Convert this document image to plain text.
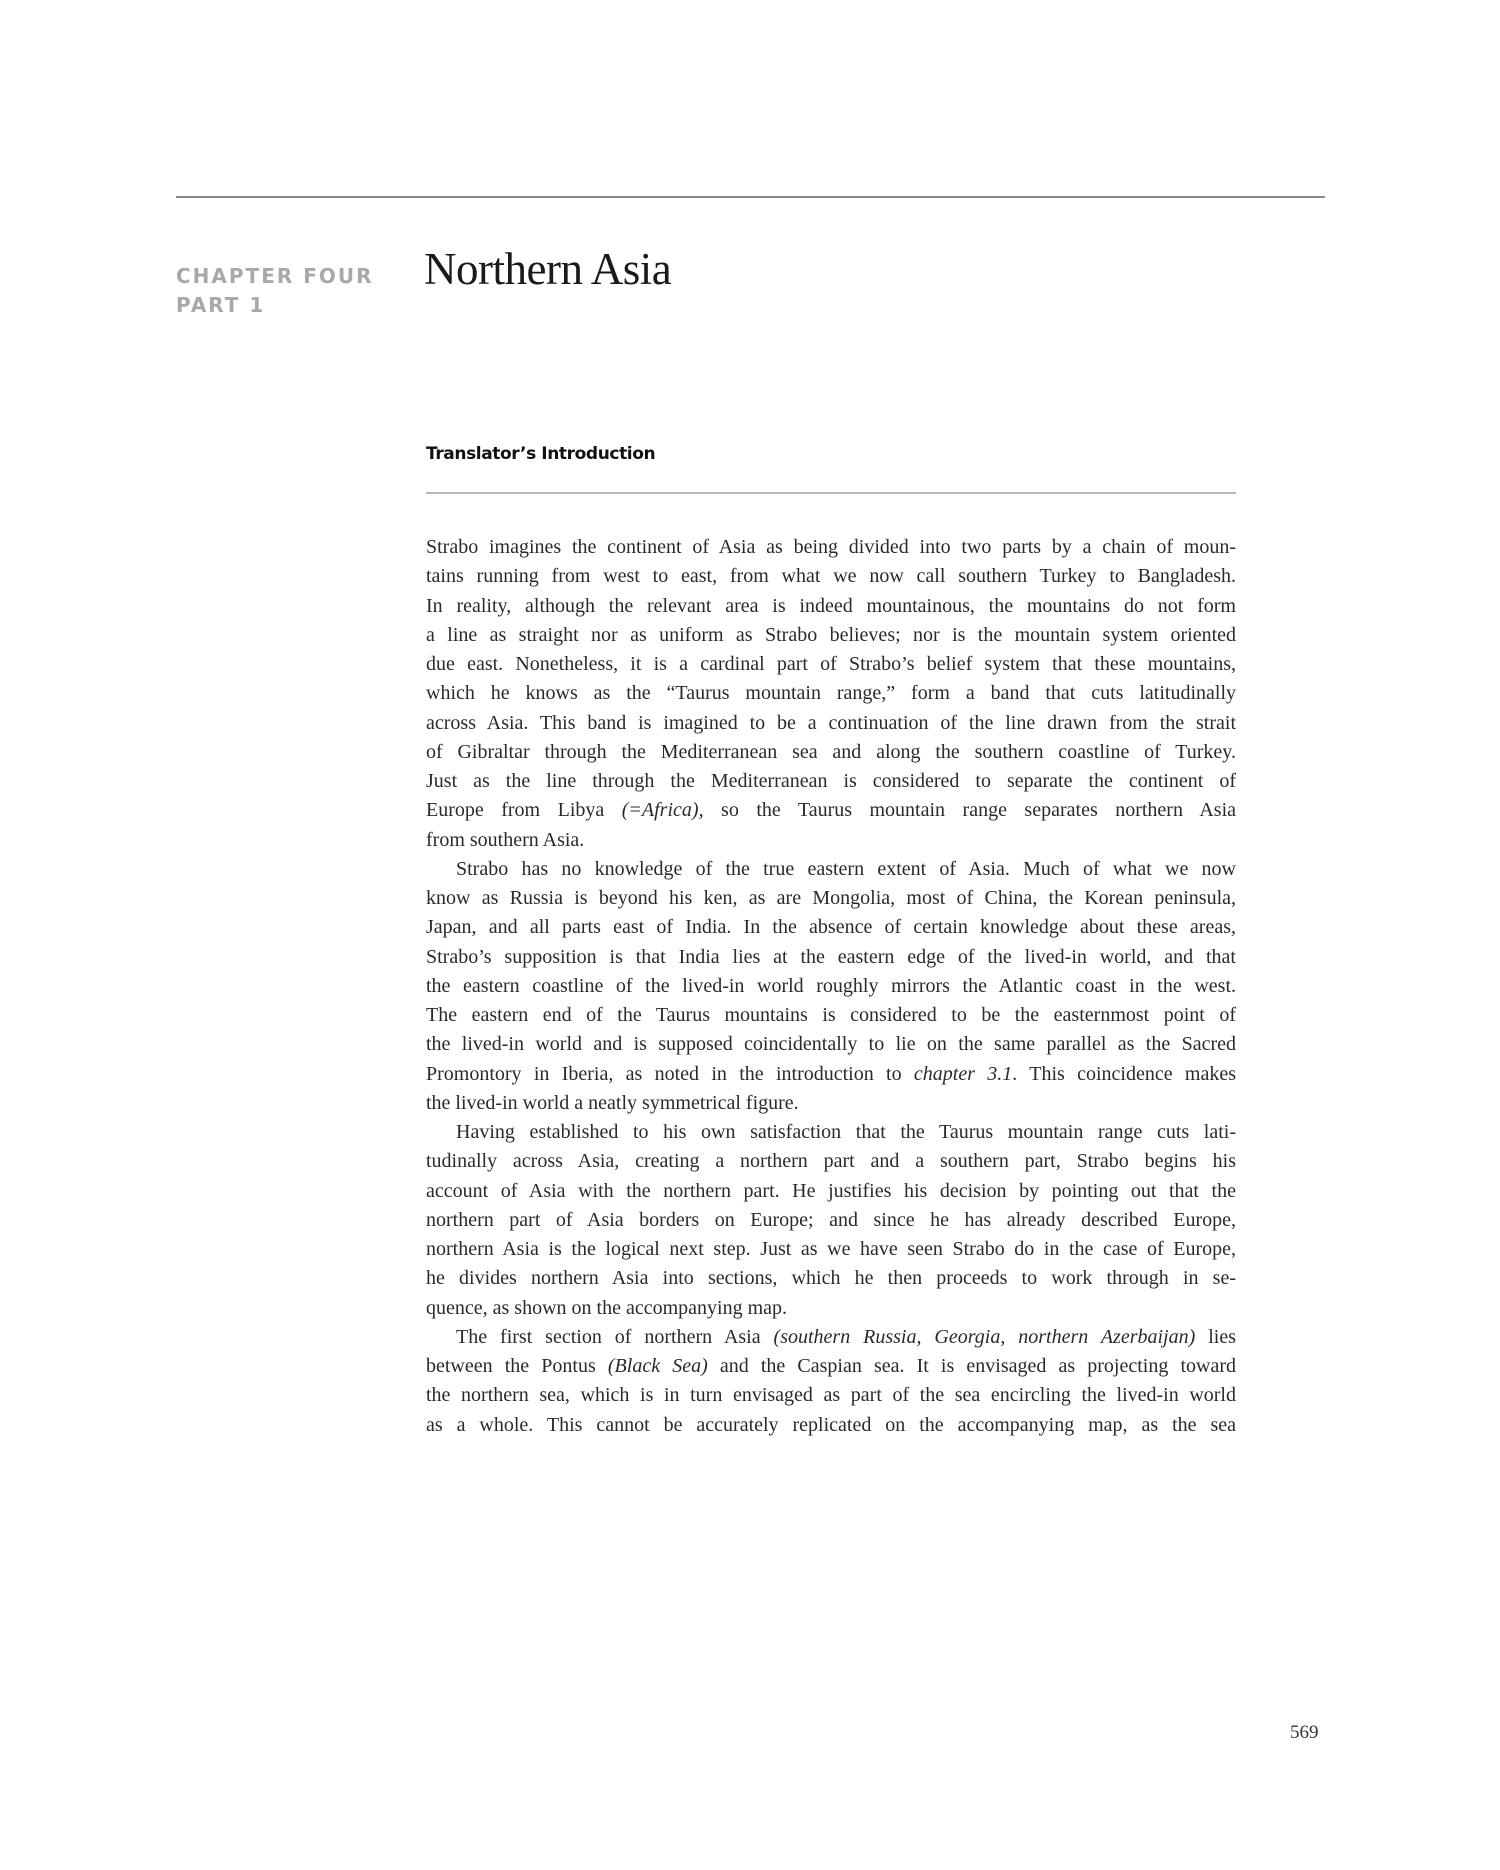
CHAPTER FOUR
PART 1
Northern Asia
Translator’s Introduction
Strabo imagines the continent of Asia as being divided into two parts by a chain of moun-
tains running from west to east, from what we now call southern Turkey to Bangladesh.
In reality, although the relevant area is indeed mountainous, the mountains do not form
a line as straight nor as uniform as Strabo believes; nor is the mountain system oriented
due east. Nonetheless, it is a cardinal part of Strabo’s belief system that these mountains,
which he knows as the “Taurus mountain range,” form a band that cuts latitudinally
across Asia. This band is imagined to be a continuation of the line drawn from the strait
of Gibraltar through the Mediterranean sea and along the southern coastline of Turkey.
Just as the line through the Mediterranean is considered to separate the continent of
Europe from Libya (=Africa), so the Taurus mountain range separates northern Asia
from southern Asia.
Strabo has no knowledge of the true eastern extent of Asia. Much of what we now
know as Russia is beyond his ken, as are Mongolia, most of China, the Korean peninsula,
Japan, and all parts east of India. In the absence of certain knowledge about these areas,
Strabo’s supposition is that India lies at the eastern edge of the lived-in world, and that
the eastern coastline of the lived-in world roughly mirrors the Atlantic coast in the west.
The eastern end of the Taurus mountains is considered to be the easternmost point of
the lived-in world and is supposed coincidentally to lie on the same parallel as the Sacred
Promontory in Iberia, as noted in the introduction to chapter 3.1. This coincidence makes
the lived-in world a neatly symmetrical figure.
Having established to his own satisfaction that the Taurus mountain range cuts lati-
tudinally across Asia, creating a northern part and a southern part, Strabo begins his
account of Asia with the northern part. He justifies his decision by pointing out that the
northern part of Asia borders on Europe; and since he has already described Europe,
northern Asia is the logical next step. Just as we have seen Strabo do in the case of Europe,
he divides northern Asia into sections, which he then proceeds to work through in se-
quence, as shown on the accompanying map.
The first section of northern Asia (southern Russia, Georgia, northern Azerbaijan) lies
between the Pontus (Black Sea) and the Caspian sea. It is envisaged as projecting toward
the northern sea, which is in turn envisaged as part of the sea encircling the lived-in world
as a whole. This cannot be accurately replicated on the accompanying map, as the sea
569
